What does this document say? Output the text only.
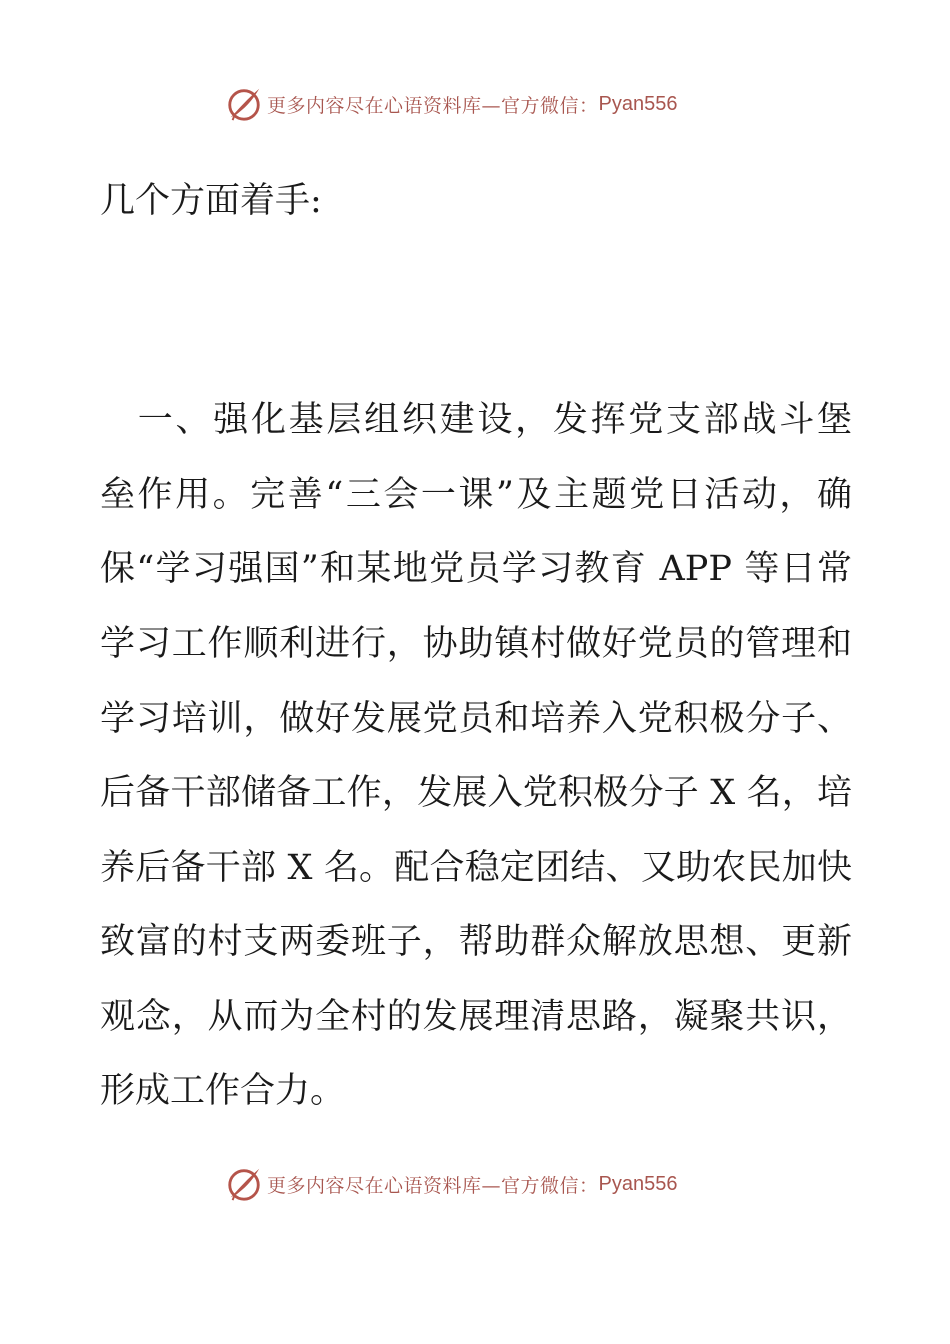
更多内容尽在心语资料库—官方微信： Pyan556
几个方面着手:
　一、强化基层组织建设，发挥党支部战斗堡
垒作用。完善“三会一课”及主题党日活动，确
保“学习强国”和某地党员学习教育 APP 等日常
学习工作顺利进行，协助镇村做好党员的管理和
学习培训，做好发展党员和培养入党积极分子、
后备干部储备工作，发展入党积极分子 X 名，培
养后备干部 X 名。配合稳定团结、又助农民加快
致富的村支两委班子，帮助群众解放思想、更新
观念，从而为全村的发展理清思路，凝聚共识，
形成工作合力。
更多内容尽在心语资料库—官方微信： Pyan556
